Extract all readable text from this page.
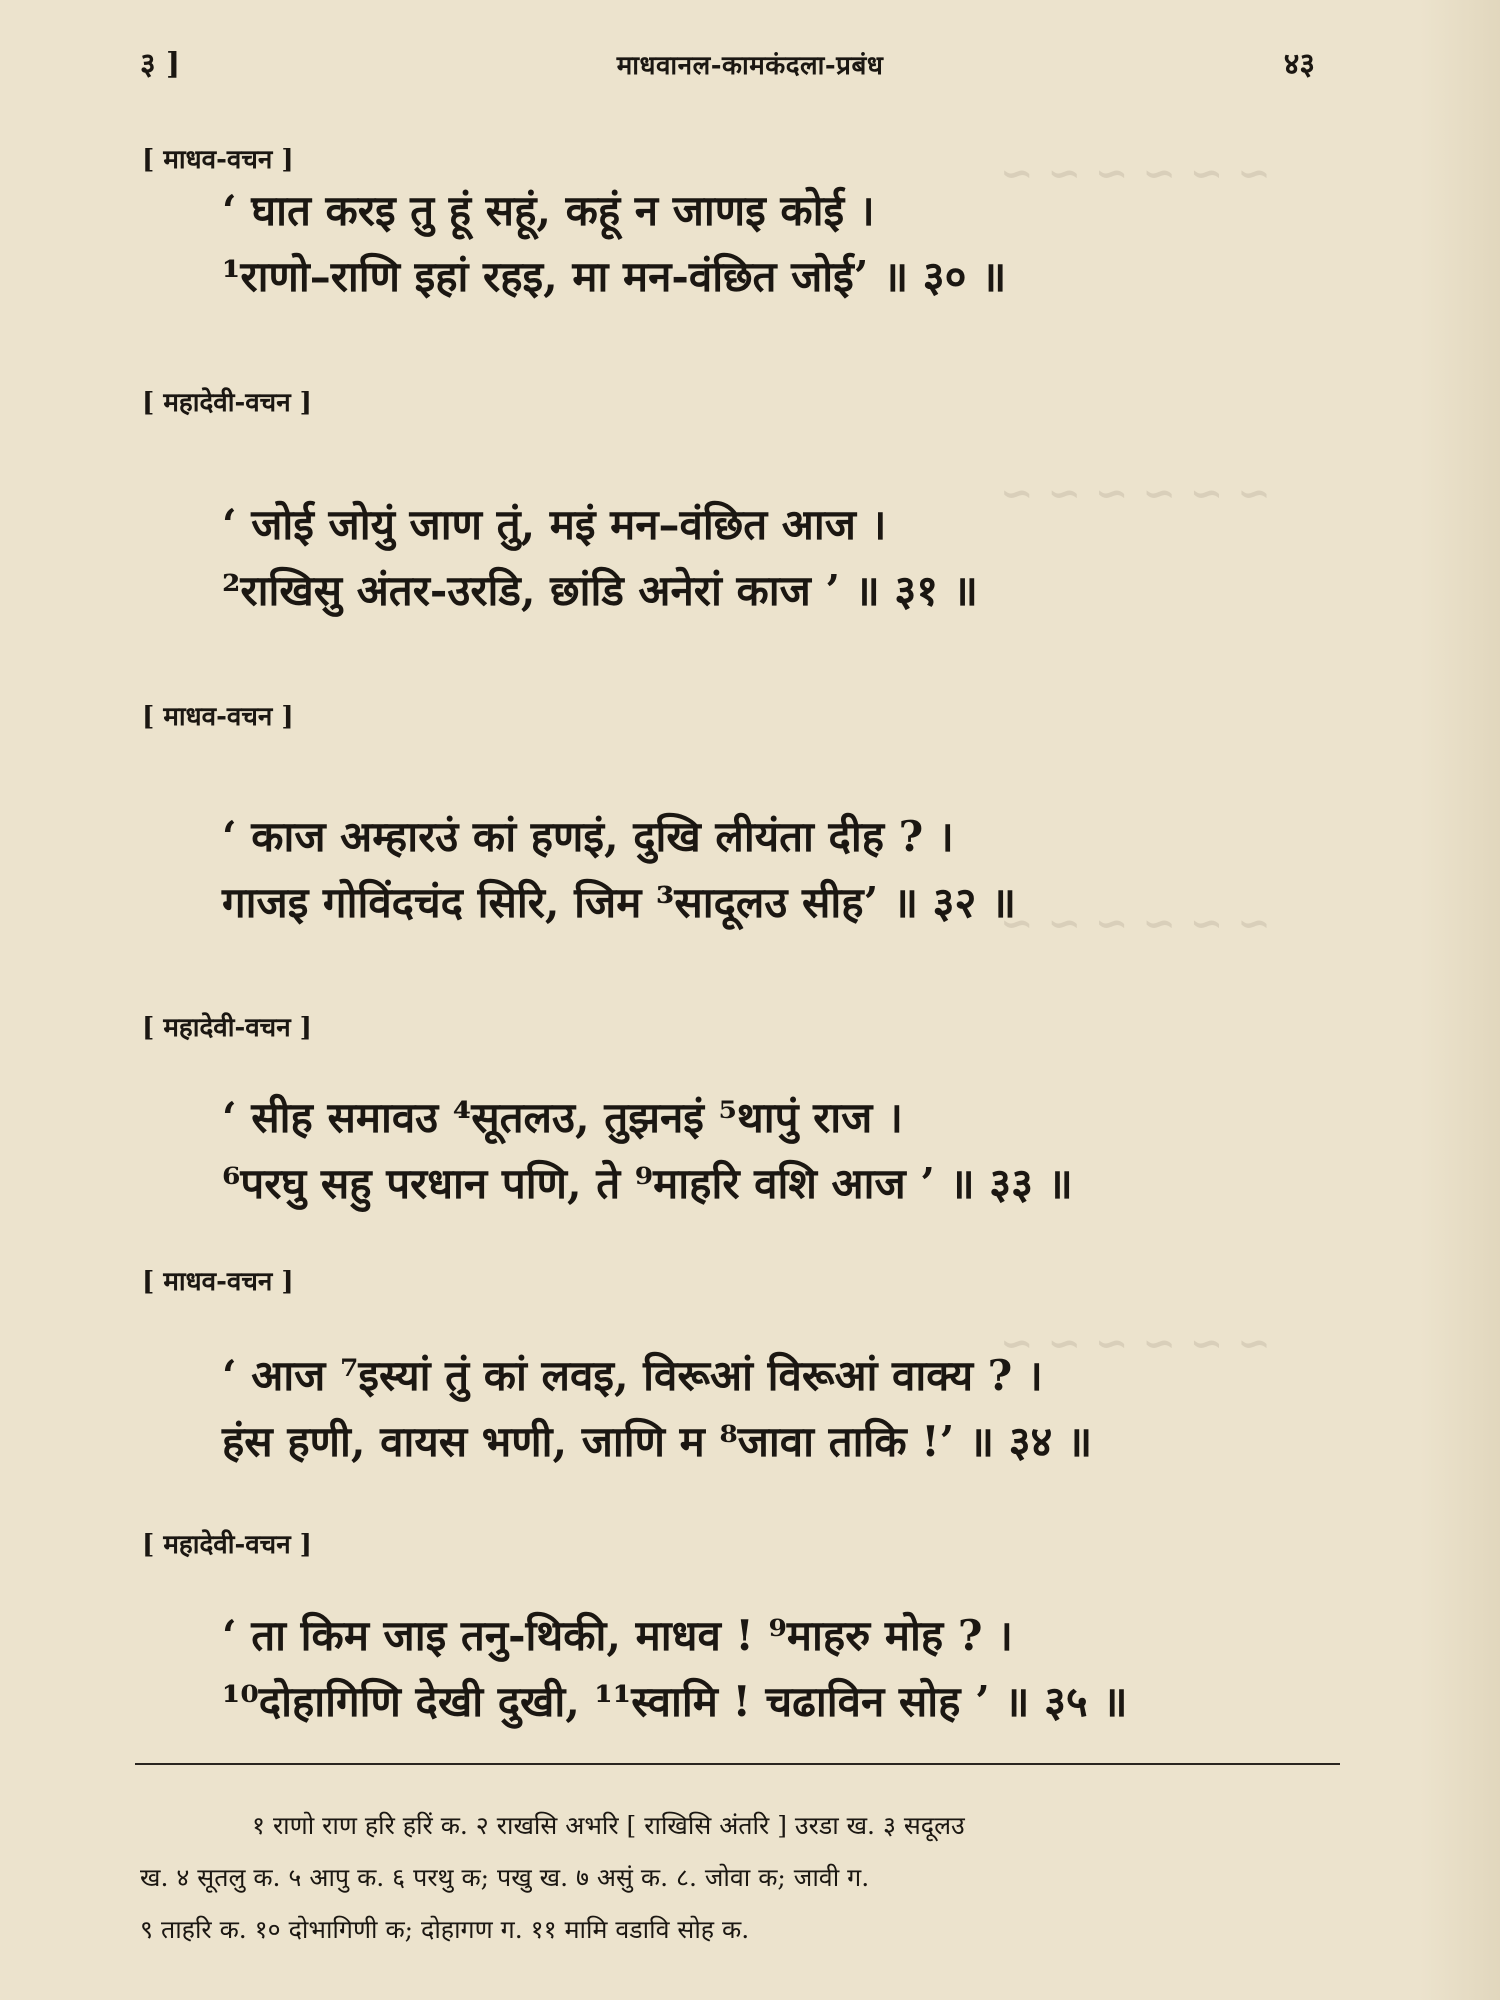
~ ~ ~ ~ ~ ~
~ ~ ~ ~ ~ ~
~ ~ ~ ~ ~ ~
~ ~ ~ ~ ~ ~
३ ]	माधवानल-कामकंदला-प्रबंध	४३
[ माधव-वचन ]
‘ घात करइ तु हूं सहूं, कहूं न जाणइ कोई ।
¹राणो–राणि इहां रहइ, मा मन-वंछित जोई’ ॥ ३० ॥
[ महादेवी-वचन ]
‘ जोई जोयुं जाण तुं, मइं मन–वंछित आज ।
²राखिसु अंतर-उरडि, छांडि अनेरां काज ’ ॥ ३१ ॥
[ माधव-वचन ]
‘ काज अम्हारउं कां हणइं, दुखि लीयंता दीह ? ।
गाजइ गोविंदचंद सिरि, जिम ³सादूलउ सीह’ ॥ ३२ ॥
[ महादेवी-वचन ]
‘ सीह समावउ ⁴सूतलउ, तुझनइं ⁵थापुं राज ।
⁶परघु सहु परधान पणि, ते ⁹माहरि वशि आज ’ ॥ ३३ ॥
[ माधव-वचन ]
‘ आज ⁷इस्यां तुं कां लवइ, विरूआं विरूआं वाक्य ? ।
हंस हणी, वायस भणी, जाणि म ⁸जावा ताकि !’ ॥ ३४ ॥
[ महादेवी-वचन ]
‘ ता किम जाइ तनु-थिकी, माधव ! ⁹माहरु मोह ? ।
¹⁰दोहागिणि देखी दुखी, ¹¹स्वामि ! चढाविन सोह ’ ॥ ३५ ॥
१ राणो राण हरि हरिं क. २ राखसि अभरि [ राखिसि अंतरि ] उरडा ख. ३ सदूलउ
ख. ४ सूतलु क. ५ आपु क. ६ परथु क; पखु ख. ७ असुं क. ८. जोवा क; जावी ग.
९ ताहरि क. १० दोभागिणी क; दोहागण ग. ११ मामि वडावि सोह क.
